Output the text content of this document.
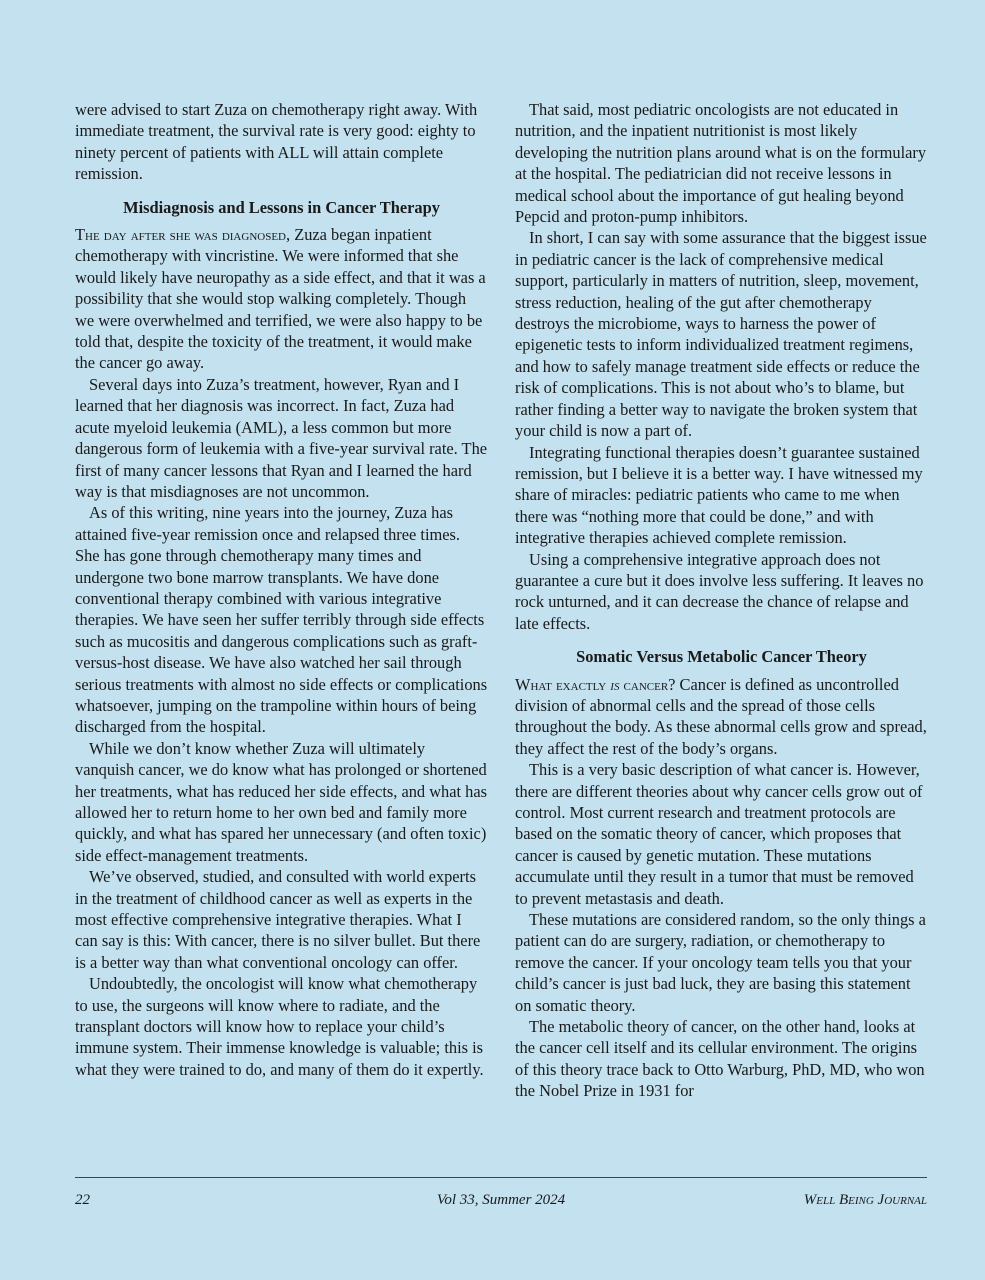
were advised to start Zuza on chemotherapy right away. With immediate treatment, the survival rate is very good: eighty to ninety percent of patients with ALL will attain complete remission.

Misdiagnosis and Lessons in Cancer Therapy

The day after she was diagnosed, Zuza began inpatient chemotherapy with vincristine. We were informed that she would likely have neuropathy as a side effect, and that it was a possibility that she would stop walking completely. Though we were overwhelmed and terrified, we were also happy to be told that, despite the toxicity of the treatment, it would make the cancer go away.

Several days into Zuza’s treatment, however, Ryan and I learned that her diagnosis was incorrect. In fact, Zuza had acute myeloid leukemia (AML), a less common but more dangerous form of leukemia with a five-year survival rate. The first of many cancer lessons that Ryan and I learned the hard way is that misdiagnoses are not uncommon.

As of this writing, nine years into the journey, Zuza has attained five-year remission once and relapsed three times. She has gone through chemotherapy many times and undergone two bone marrow transplants. We have done conventional therapy combined with various integrative therapies. We have seen her suffer terribly through side effects such as mucositis and dangerous complications such as graft-versus-host disease. We have also watched her sail through serious treatments with almost no side effects or complications whatsoever, jumping on the trampoline within hours of being discharged from the hospital.

While we don’t know whether Zuza will ultimately vanquish cancer, we do know what has prolonged or shortened her treatments, what has reduced her side effects, and what has allowed her to return home to her own bed and family more quickly, and what has spared her unnecessary (and often toxic) side effect-management treatments.

We’ve observed, studied, and consulted with world experts in the treatment of childhood cancer as well as experts in the most effective comprehensive integrative therapies. What I can say is this: With cancer, there is no silver bullet. But there is a better way than what conventional oncology can offer.

Undoubtedly, the oncologist will know what chemotherapy to use, the surgeons will know where to radiate, and the transplant doctors will know how to replace your child’s immune system. Their immense knowledge is valuable; this is what they were trained to do, and many of them do it expertly.

That said, most pediatric oncologists are not educated in nutrition, and the inpatient nutritionist is most likely developing the nutrition plans around what is on the formulary at the hospital. The pediatrician did not receive lessons in medical school about the importance of gut healing beyond Pepcid and proton-pump inhibitors.

In short, I can say with some assurance that the biggest issue in pediatric cancer is the lack of comprehensive medical support, particularly in matters of nutrition, sleep, movement, stress reduction, healing of the gut after chemotherapy destroys the microbiome, ways to harness the power of epigenetic tests to inform individualized treatment regimens, and how to safely manage treatment side effects or reduce the risk of complications. This is not about who’s to blame, but rather finding a better way to navigate the broken system that your child is now a part of.

Integrating functional therapies doesn’t guarantee sustained remission, but I believe it is a better way. I have witnessed my share of miracles: pediatric patients who came to me when there was “nothing more that could be done,” and with integrative therapies achieved complete remission.

Using a comprehensive integrative approach does not guarantee a cure but it does involve less suffering. It leaves no rock unturned, and it can decrease the chance of relapse and late effects.

Somatic Versus Metabolic Cancer Theory

What exactly is cancer? Cancer is defined as uncontrolled division of abnormal cells and the spread of those cells throughout the body. As these abnormal cells grow and spread, they affect the rest of the body’s organs.

This is a very basic description of what cancer is. However, there are different theories about why cancer cells grow out of control. Most current research and treatment protocols are based on the somatic theory of cancer, which proposes that cancer is caused by genetic mutation. These mutations accumulate until they result in a tumor that must be removed to prevent metastasis and death.

These mutations are considered random, so the only things a patient can do are surgery, radiation, or chemotherapy to remove the cancer. If your oncology team tells you that your child’s cancer is just bad luck, they are basing this statement on somatic theory.

The metabolic theory of cancer, on the other hand, looks at the cancer cell itself and its cellular environment. The origins of this theory trace back to Otto Warburg, PhD, MD, who won the Nobel Prize in 1931 for

22	Vol 33, Summer 2024	Well Being Journal
